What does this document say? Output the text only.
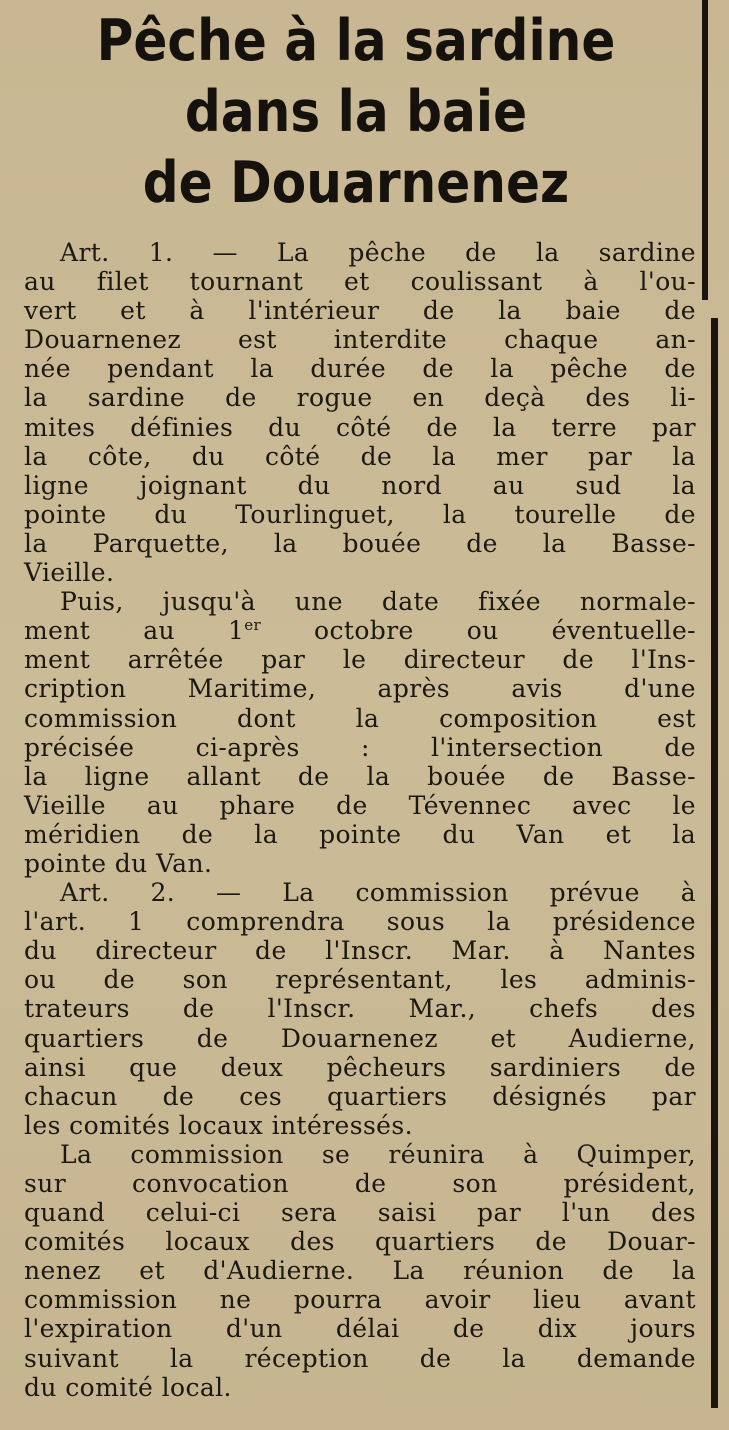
Pêche à la sardine
dans la baie
de Douarnenez
Art. 1. — La pêche de la sardine
au filet tournant et coulissant à l'ou-
vert et à l'intérieur de la baie de
Douarnenez est interdite chaque an-
née pendant la durée de la pêche de
la sardine de rogue en deçà des li-
mites définies du côté de la terre par
la côte, du côté de la mer par la
ligne joignant du nord au sud la
pointe du Tourlinguet, la tourelle de
la Parquette, la bouée de la Basse-
Vieille.
Puis, jusqu'à une date fixée normale-
ment au 1er octobre ou éventuelle-
ment arrêtée par le directeur de l'Ins-
cription Maritime, après avis d'une
commission dont la composition est
précisée ci-après : l'intersection de
la ligne allant de la bouée de Basse-
Vieille au phare de Tévennec avec le
méridien de la pointe du Van et la
pointe du Van.
Art. 2. — La commission prévue à
l'art. 1 comprendra sous la présidence
du directeur de l'Inscr. Mar. à Nantes
ou de son représentant, les adminis-
trateurs de l'Inscr. Mar., chefs des
quartiers de Douarnenez et Audierne,
ainsi que deux pêcheurs sardiniers de
chacun de ces quartiers désignés par
les comités locaux intéressés.
La commission se réunira à Quimper,
sur convocation de son président,
quand celui-ci sera saisi par l'un des
comités locaux des quartiers de Douar-
nenez et d'Audierne. La réunion de la
commission ne pourra avoir lieu avant
l'expiration d'un délai de dix jours
suivant la réception de la demande
du comité local.
